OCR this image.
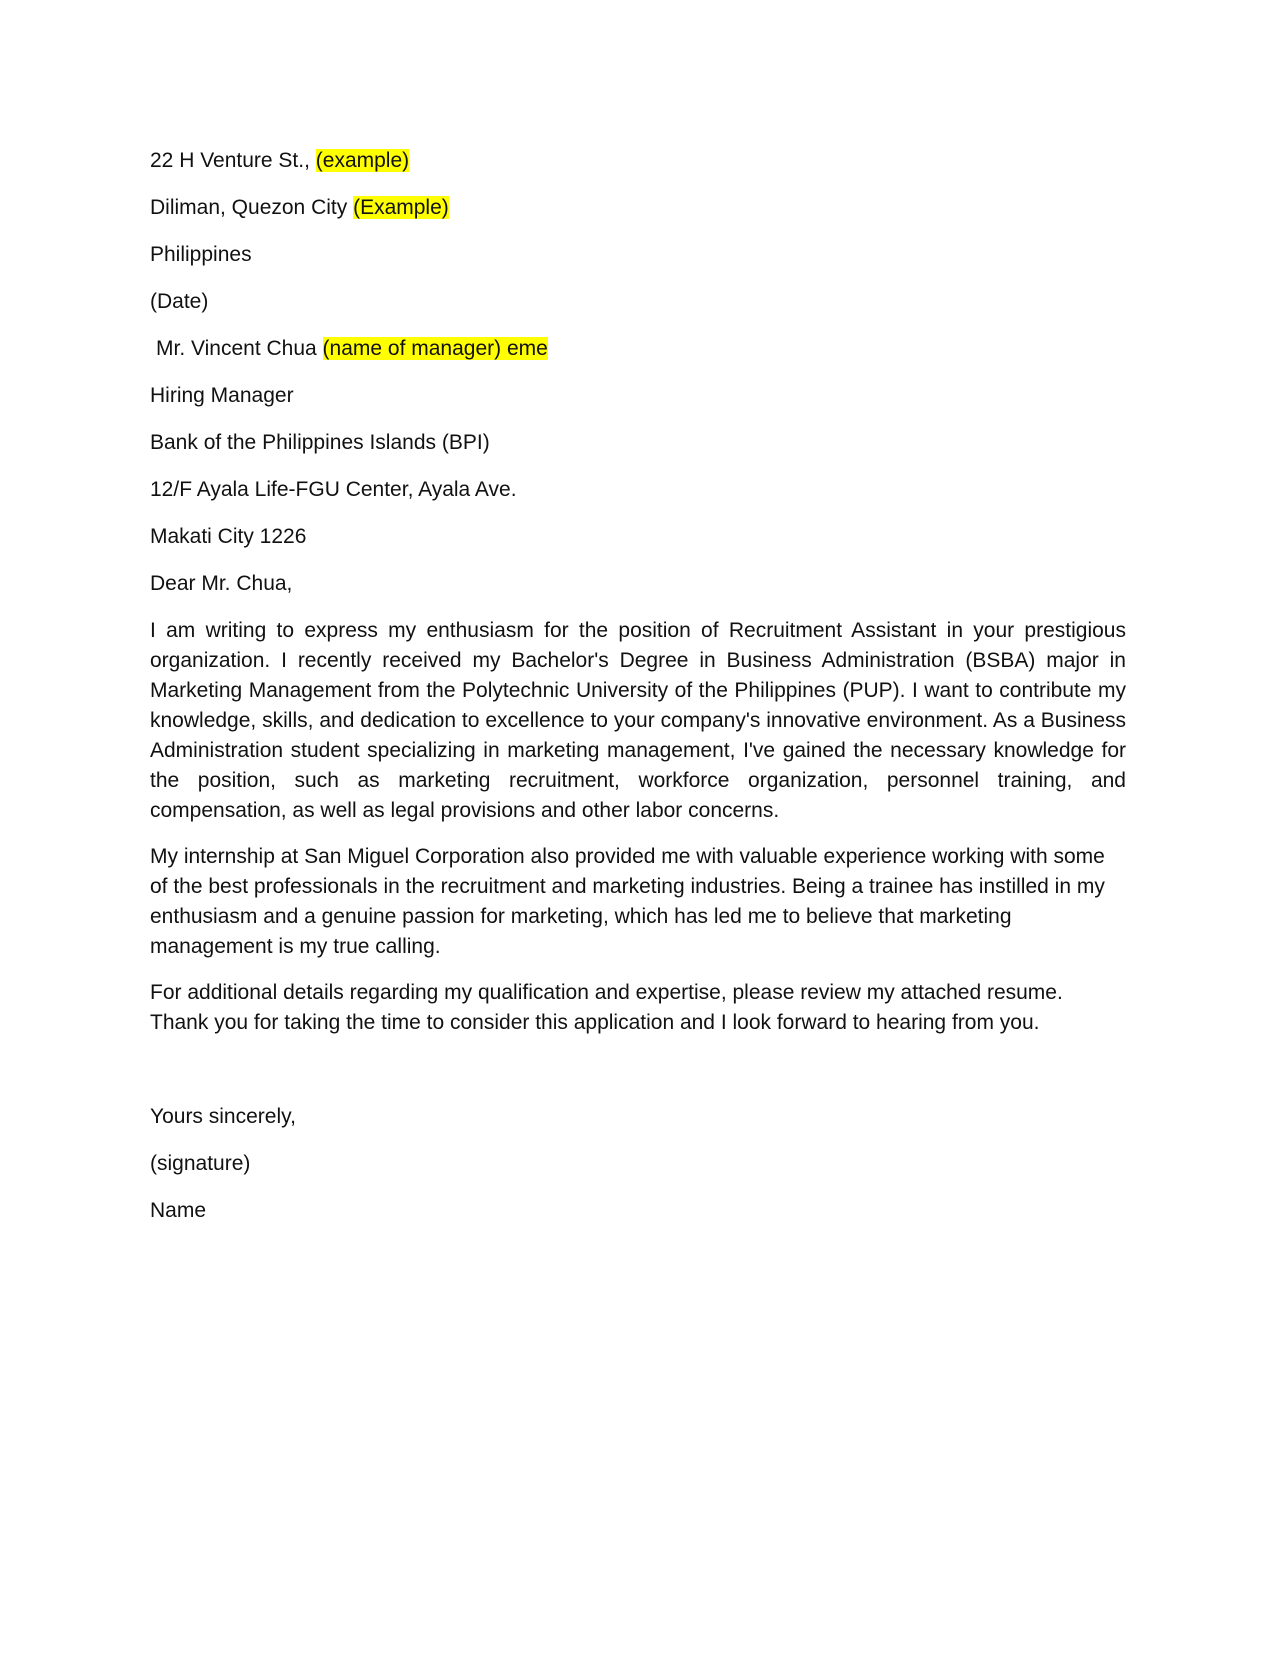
22 H Venture St., (example)
Diliman, Quezon City (Example)
Philippines
(Date)
Mr. Vincent Chua (name of manager) eme
Hiring Manager
Bank of the Philippines Islands (BPI)
12/F Ayala Life-FGU Center, Ayala Ave.
Makati City 1226
Dear Mr. Chua,

I am writing to express my enthusiasm for the position of Recruitment Assistant in your prestigious organization. I recently received my Bachelor's Degree in Business Administration (BSBA) major in Marketing Management from the Polytechnic University of the Philippines (PUP). I want to contribute my knowledge, skills, and dedication to excellence to your company's innovative environment. As a Business Administration student specializing in marketing management, I've gained the necessary knowledge for the position, such as marketing recruitment, workforce organization, personnel training, and compensation, as well as legal provisions and other labor concerns.

My internship at San Miguel Corporation also provided me with valuable experience working with some of the best professionals in the recruitment and marketing industries. Being a trainee has instilled in my enthusiasm and a genuine passion for marketing, which has led me to believe that marketing management is my true calling.

For additional details regarding my qualification and expertise, please review my attached resume.
Thank you for taking the time to consider this application and I look forward to hearing from you.
Yours sincerely,
(signature)
Name
